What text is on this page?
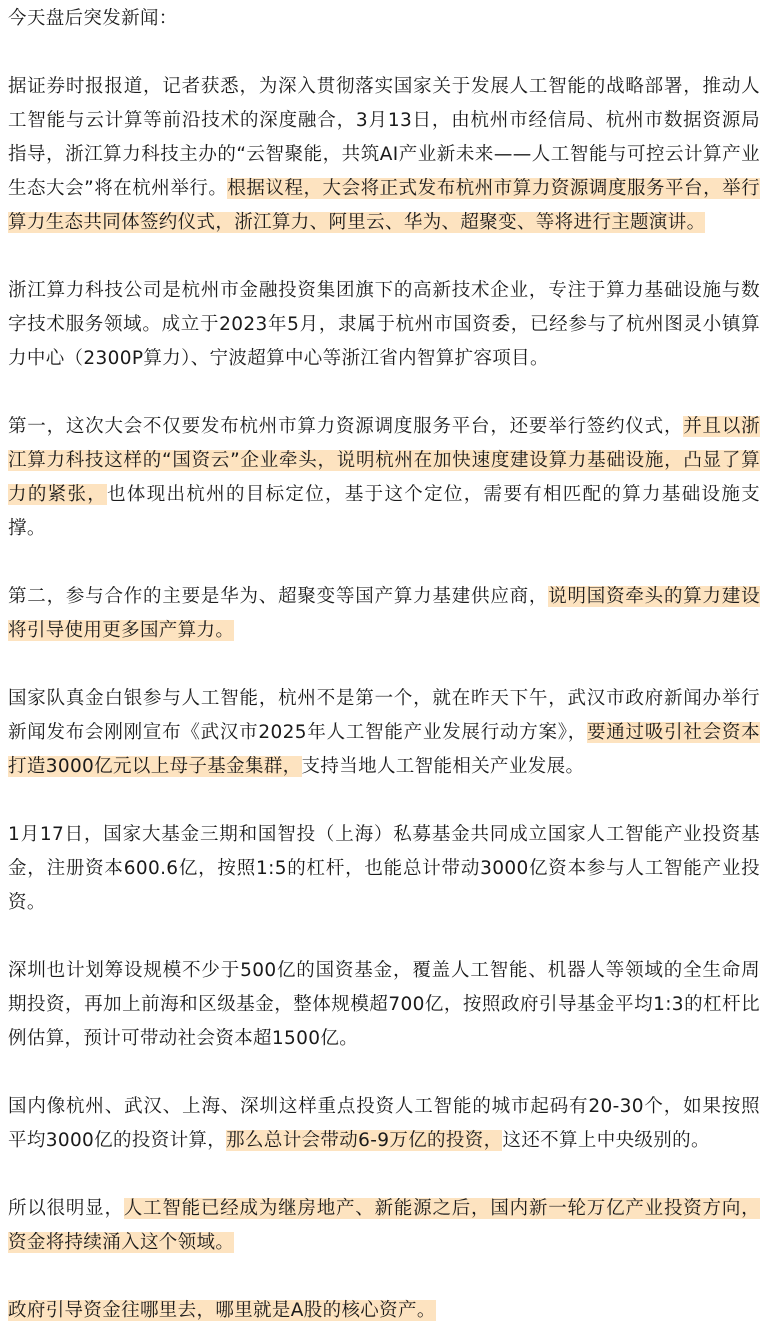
今天盘后突发新闻：

据证券时报报道，记者获悉，为深入贯彻落实国家关于发展人工智能的战略部署，推动人工智能与云计算等前沿技术的深度融合，3月13日，由杭州市经信局、杭州市数据资源局指导，浙江算力科技主办的“云智聚能，共筑AI产业新未来——人工智能与可控云计算产业生态大会”将在杭州举行。根据议程，大会将正式发布杭州市算力资源调度服务平台，举行算力生态共同体签约仪式，浙江算力、阿里云、华为、超聚变、等将进行主题演讲。

浙江算力科技公司是杭州市金融投资集团旗下的高新技术企业，专注于算力基础设施与数字技术服务领域。成立于2023年5月，隶属于杭州市国资委，已经参与了杭州图灵小镇算力中心（2300P算力）、宁波超算中心等浙江省内智算扩容项目。

第一，这次大会不仅要发布杭州市算力资源调度服务平台，还要举行签约仪式，并且以浙江算力科技这样的“国资云”企业牵头，说明杭州在加快速度建设算力基础设施，凸显了算力的紧张，也体现出杭州的目标定位，基于这个定位，需要有相匹配的算力基础设施支撑。

第二，参与合作的主要是华为、超聚变等国产算力基建供应商，说明国资牵头的算力建设将引导使用更多国产算力。

国家队真金白银参与人工智能，杭州不是第一个，就在昨天下午，武汉市政府新闻办举行新闻发布会刚刚宣布《武汉市2025年人工智能产业发展行动方案》，要通过吸引社会资本打造3000亿元以上母子基金集群，支持当地人工智能相关产业发展。

1月17日，国家大基金三期和国智投（上海）私募基金共同成立国家人工智能产业投资基金，注册资本600.6亿，按照1:5的杠杆，也能总计带动3000亿资本参与人工智能产业投资。

深圳也计划筹设规模不少于500亿的国资基金，覆盖人工智能、机器人等领域的全生命周期投资，再加上前海和区级基金，整体规模超700亿，按照政府引导基金平均1:3的杠杆比例估算，预计可带动社会资本超1500亿。

国内像杭州、武汉、上海、深圳这样重点投资人工智能的城市起码有20-30个，如果按照平均3000亿的投资计算，那么总计会带动6-9万亿的投资，这还不算上中央级别的。

所以很明显，人工智能已经成为继房地产、新能源之后，国内新一轮万亿产业投资方向，资金将持续涌入这个领域。

政府引导资金往哪里去，哪里就是A股的核心资产。
